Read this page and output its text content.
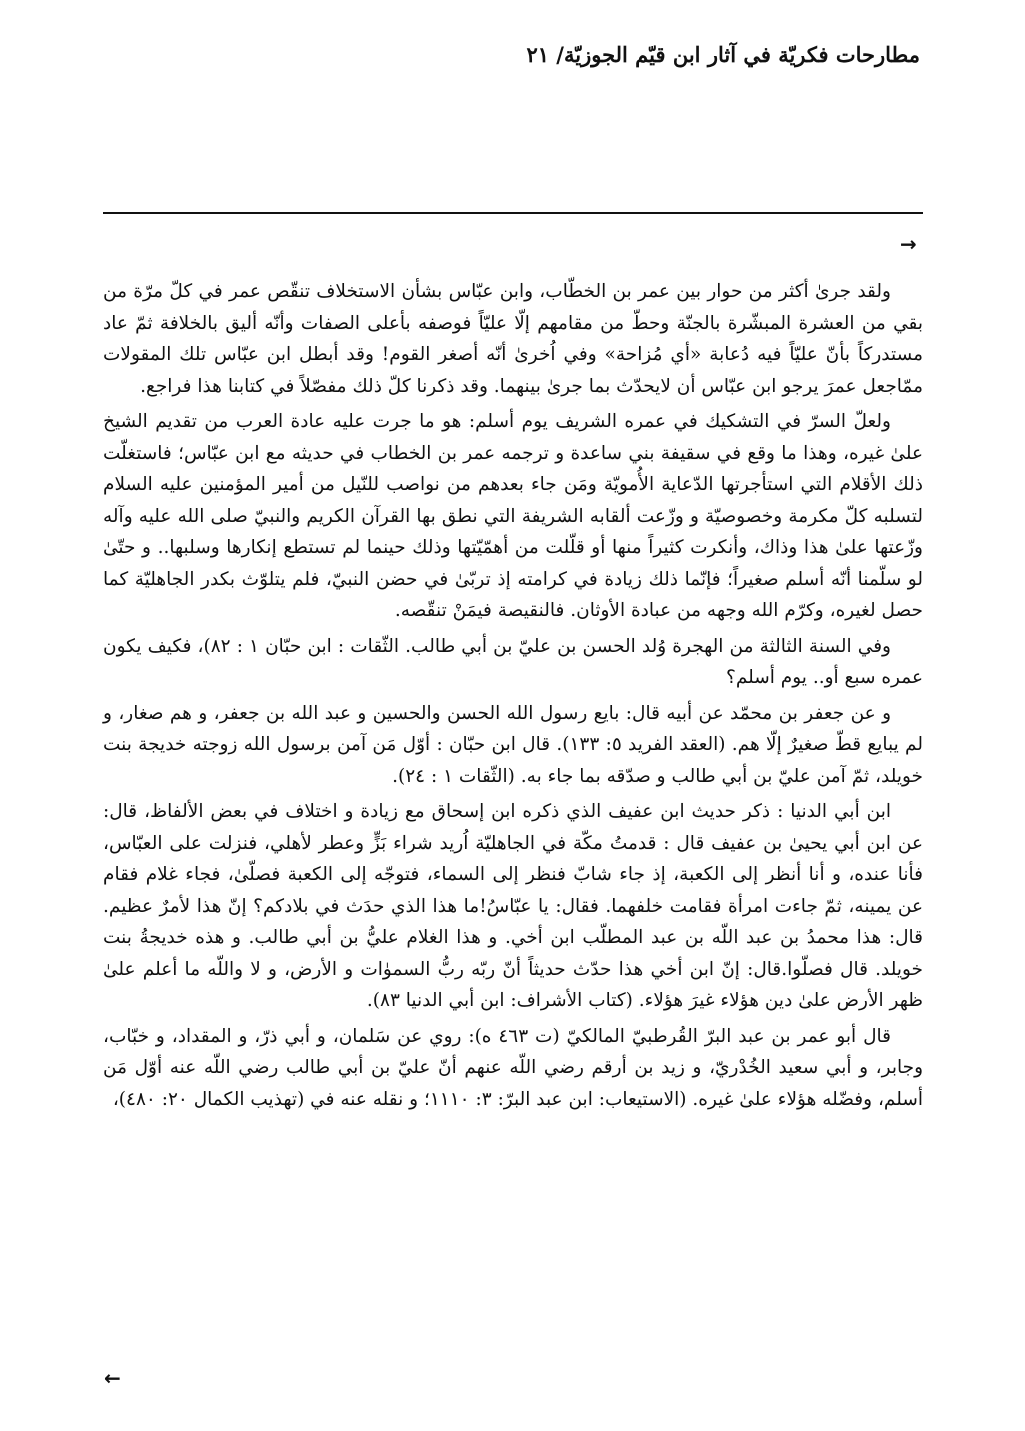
مطارحات فكريّة في آثار ابن قيّم الجوزيّة/ ٢١
→

ولقد جرىٰ أكثر من حوار بين عمر بن الخطّاب، وابن عبّاس بشأن الاستخلاف تنقّص عمر في كلّ مرّة من بقي من العشرة المبشّرة بالجنّة وحطّ من مقامهم إلّا عليّاً فوصفه بأعلى الصفات وأنّه أليق بالخلافة ثمّ عاد مستدركاً بأنّ عليّاً فيه دُعابة «أي مُزاحة» وفي اُخرىٰ أنّه أصغر القوم! وقد أبطل ابن عبّاس تلك المقولات ممّاجعل عمرَ يرجو ابن عبّاس أن لايحدّث بما جرىٰ بينهما. وقد ذكرنا كلّ ذلك مفصّلاً في كتابنا هذا فراجع.

ولعلّ السرّ في التشكيك في عمره الشريف يوم أسلم: هو ما جرت عليه عادة العرب من تقديم الشيخ علىٰ غيره، وهذا ما وقع في سقيفة بني ساعدة و ترجمه عمر بن الخطاب في حديثه مع ابن عبّاس؛ فاستغلّت ذلك الأقلام التي استأجرتها الدّعاية الأُمويّة ومَن جاء بعدهم من نواصب للنّيل من أمير المؤمنين عليه السلام لتسلبه كلّ مكرمة وخصوصيّة و وزّعت ألقابه الشريفة التي نطق بها القرآن الكريم والنبيّ صلى الله عليه وآله وزّعتها علىٰ هذا وذاك، وأنكرت كثيراً منها أو قلّلت من أهمّيّتها وذلك حينما لم تستطع إنكارها وسلبها.. و حتّىٰ لو سلّمنا أنّه أسلم صغيراً؛ فإنّما ذلك زيادة في كرامته إذ تربّىٰ في حضن النبيّ، فلم يتلوّث بكدر الجاهليّة كما حصل لغيره، وكرّم الله وجهه من عبادة الأوثان. فالنقيصة فيمَنْ تنقّصه.

وفي السنة الثالثة من الهجرة وُلد الحسن بن عليّ بن أبي طالب. الثّقات : ابن حبّان ١ : ٨٢)، فكيف يكون عمره سبع أو.. يوم أسلم؟

و عن جعفر بن محمّد عن أبيه قال: بايع رسول الله الحسن والحسين و عبد الله بن جعفر، و هم صغار، و لم يبايع قطّ صغيرٌ إلّا هم. (العقد الفريد ٥: ١٣٣). قال ابن حبّان : أوّل مَن آمن برسول الله زوجته خديجة بنت خويلد، ثمّ آمن عليّ بن أبي طالب و صدّقه بما جاء به. (الثّقات ١ : ٢٤).

ابن أبي الدنيا : ذكر حديث ابن عفيف الذي ذكره ابن إسحاق مع زيادة و اختلاف في بعض الألفاظ، قال: عن ابن أبي يحيىٰ بن عفيف قال : قدمتُ مكّة في الجاهليّة اُريد شراء بَزٍّ وعطر لأهلي، فنزلت على العبّاس، فأنا عنده، و أنا أنظر إلى الكعبة، إذ جاء شابّ فنظر إلى السماء، فتوجّه إلى الكعبة فصلّىٰ، فجاء غلام فقام عن يمينه، ثمّ جاءت امرأة فقامت خلفهما. فقال: يا عبّاسُ!ما هذا الذي حدَث في بلادكم؟ إنّ هذا لأمرٌ عظيم. قال: هذا محمدُ بن عبد اللّه بن عبد المطلّب ابن أخي. و هذا الغلام عليُّ بن أبي طالب. و هذه خديجةُ بنت خويلد. قال فصلّوا.قال: إنّ ابن أخي هذا حدّث حديثاً أنّ ربّه ربُّ السموٰات و الأرض، و لا واللّه ما أعلم علىٰ ظهر الأرض علىٰ دين هؤلاء غيرَ هؤلاء. (كتاب الأشراف: ابن أبي الدنيا ٨٣).

قال أبو عمر بن عبد البرّ القُرطبيّ المالكيّ (ت ٤٦٣ ه): روي عن سَلمان، و أبي ذرّ، و المقداد، و خبّاب، وجابر، و أبي سعيد الخُدْريّ، و زيد بن أرقم رضي اللّه عنهم أنّ عليّ بن أبي طالب رضي اللّه عنه أوّل مَن أسلم، وفضّله هؤلاء علىٰ غيره. (الاستيعاب: ابن عبد البرّ: ٣: ١١١٠؛ و نقله عنه في (تهذيب الكمال ٢٠: ٤٨٠)،

←
